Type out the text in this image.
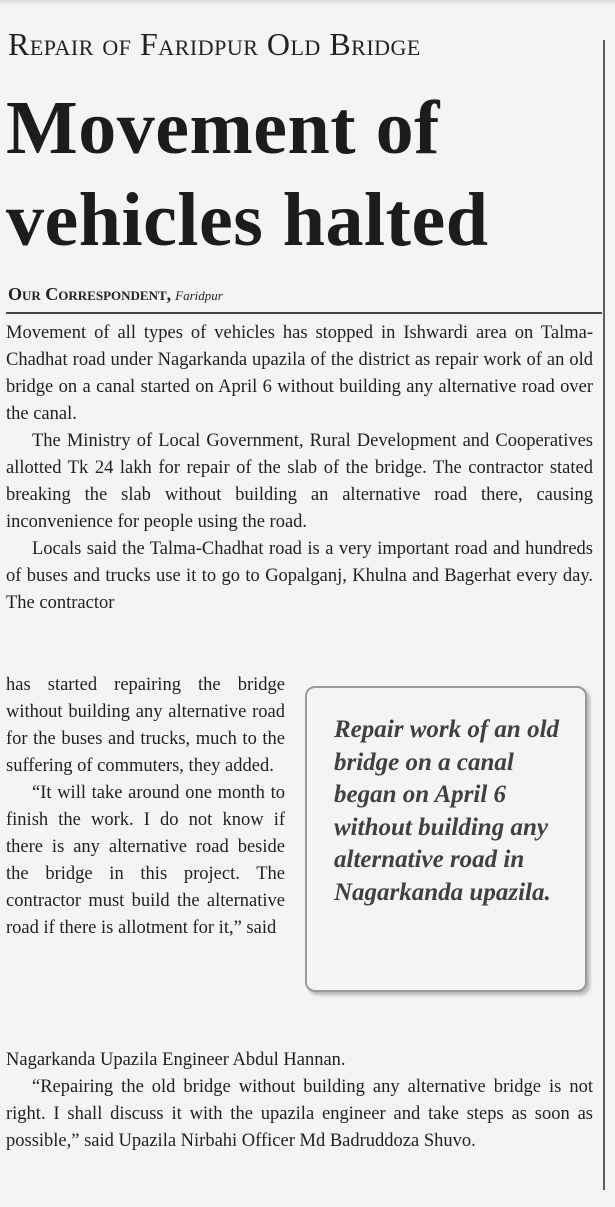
Repair of Faridpur Old Bridge
Movement of vehicles halted
Our Correspondent, Faridpur

Movement of all types of vehicles has stopped in Ishwardi area on Talma-Chadhat road under Nagarkanda upazila of the district as repair work of an old bridge on a canal started on April 6 without building any alternative road over the canal.

The Ministry of Local Government, Rural Development and Cooperatives allotted Tk 24 lakh for repair of the slab of the bridge. The contractor stated breaking the slab without building an alternative road there, causing inconvenience for people using the road.

Locals said the Talma-Chadhat road is a very important road and hundreds of buses and trucks use it to go to Gopalganj, Khulna and Bagerhat every day. The contractor

has started repairing the bridge without building any alternative road for the buses and trucks, much to the suffering of commuters, they added.

“It will take around one month to finish the work. I do not know if there is any alternative road beside the bridge in this project. The contractor must build the alternative road if there is allotment for it,” said

Repair work of an old bridge on a canal began on April 6 without building any alternative road in Nagarkanda upazila.

Nagarkanda Upazila Engineer Abdul Hannan.

“Repairing the old bridge without building any alternative bridge is not right. I shall discuss it with the upazila engineer and take steps as soon as possible,” said Upazila Nirbahi Officer Md Badruddoza Shuvo.
